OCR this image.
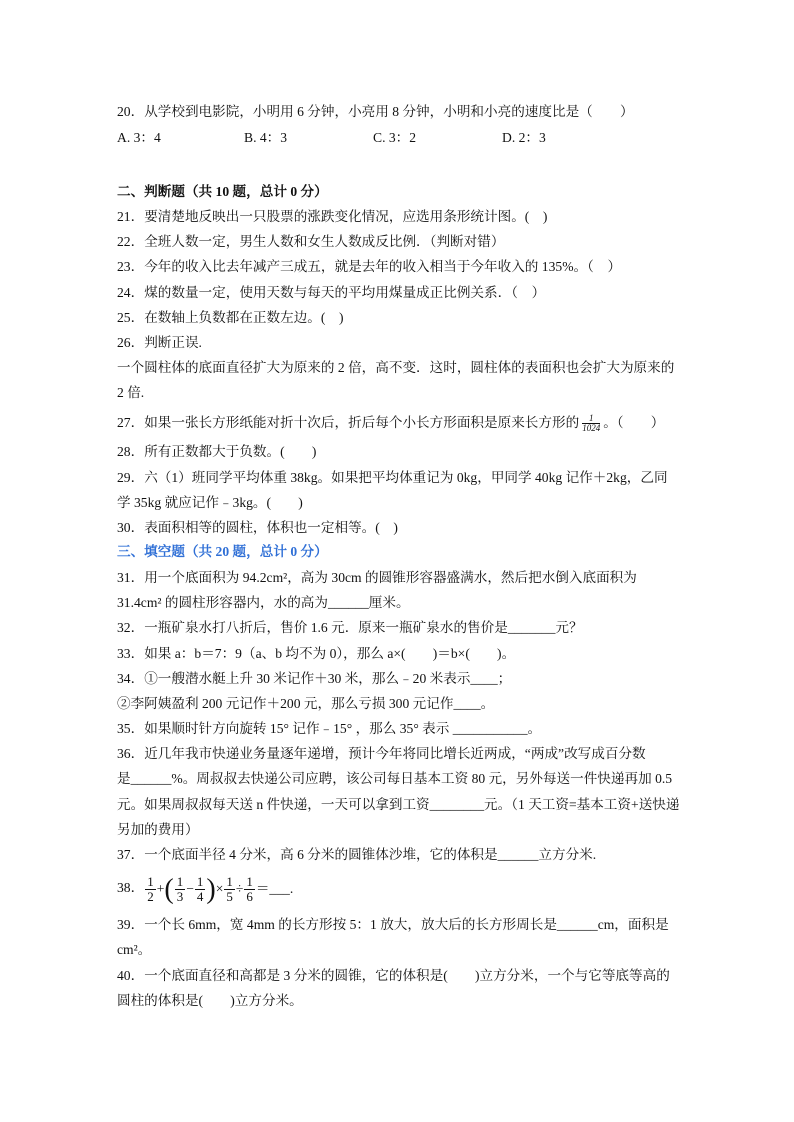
20．从学校到电影院，小明用 6 分钟，小亮用 8 分钟，小明和小亮的速度比是（　　）
A. 3：4	B. 4：3	C. 3：2	D. 2：3
二、判断题（共 10 题，总计 0 分）
21．要清楚地反映出一只股票的涨跌变化情况，应选用条形统计图。(　)
22．全班人数一定，男生人数和女生人数成反比例．（判断对错）
23．今年的收入比去年减产三成五，就是去年的收入相当于今年收入的 135%。（　）
24．煤的数量一定，使用天数与每天的平均用煤量成正比例关系．（　）
25．在数轴上负数都在正数左边。(　)
26．判断正误.
一个圆柱体的底面直径扩大为原来的 2 倍，高不变．这时，圆柱体的表面积也会扩大为原来的
2 倍.
27．如果一张长方形纸能对折十次后，折后每个小长方形面积是原来长方形的 $\frac{1}{1024}$ 。（　　）
28．所有正数都大于负数。(　　)
29．六（1）班同学平均体重 38kg。如果把平均体重记为 0kg，甲同学 40kg 记作＋2kg，乙同
学 35kg 就应记作﹣3kg。(　　)
30．表面积相等的圆柱，体积也一定相等。(　)
三、填空题（共 20 题，总计 0 分）
31．用一个底面积为 94.2cm²，高为 30cm 的圆锥形容器盛满水，然后把水倒入底面积为
31.4cm² 的圆柱形容器内，水的高为______厘米。
32．一瓶矿泉水打八折后，售价 1.6 元．原来一瓶矿泉水的售价是_______元？
33．如果 a：b＝7：9（a、b 均不为 0），那么 a×(　　)＝b×(　　)。
34．①一艘潜水艇上升 30 米记作＋30 米，那么﹣20 米表示____；
②李阿姨盈利 200 元记作＋200 元，那么亏损 300 元记作____。
35．如果顺时针方向旋转 15° 记作﹣15° ，那么 35° 表示 ___________。
36．近几年我市快递业务量逐年递增，预计今年将同比增长近两成，“两成”改写成百分数
是______%。周叔叔去快递公司应聘，该公司每日基本工资 80 元，另外每送一件快递再加 0.5
元。如果周叔叔每天送 n 件快递，一天可以拿到工资________元。（1 天工资=基本工资+送快递
另加的费用）
37．一个底面半径 4 分米，高 6 分米的圆锥体沙堆，它的体积是______立方分米.
38． $\frac{1}{2}$ +( $\frac{1}{3} - \frac{1}{4}$ )× $\frac{1}{5} \div \frac{1}{6}$ ＝___.
39．一个长 6mm，宽 4mm 的长方形按 5：1 放大，放大后的长方形周长是______cm，面积是
cm²。
40．一个底面直径和高都是 3 分米的圆锥，它的体积是(　　)立方分米，一个与它等底等高的
圆柱的体积是(　　)立方分米。
